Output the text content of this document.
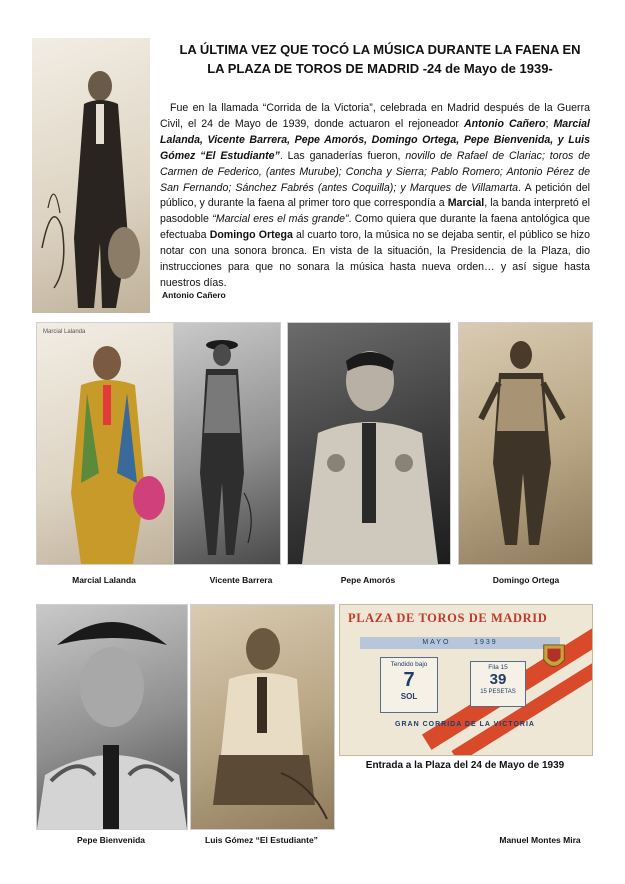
LA ÚLTIMA VEZ QUE TOCÓ LA MÚSICA DURANTE LA FAENA EN
LA PLAZA DE TOROS DE MADRID -24 de Mayo de 1939-
Fue en la llamada “Corrida de la Victoria”, celebrada en Madrid después de la Guerra Civil, el 24 de Mayo de 1939, donde actuaron el rejoneador Antonio Cañero; Marcial Lalanda, Vicente Barrera, Pepe Amorós, Domingo Ortega, Pepe Bienvenida, y Luis Gómez “El Estudiante”. Las ganaderías fueron, novillo de Rafael de Clariac; toros de Carmen de Federico, (antes Murube); Concha y Sierra; Pablo Romero; Antonio Pérez de San Fernando; Sánchez Fabrés (antes Coquilla); y Marques de Villamarta. A petición del público, y durante la faena al primer toro que correspondía a Marcial, la banda interpretó el pasodoble “Marcial eres el más grande”. Como quiera que durante la faena antológica que efectuaba Domingo Ortega al cuarto toro, la música no se dejaba sentir, el público se hizo notar con una sonora bronca. En vista de la situación, la Presidencia de la Plaza, dio instrucciones para que no sonara la música hasta nueva orden… y así sigue hasta nuestros días.
Antonio Cañero
Marcial Lalanda
Marcial Lalanda	Vicente Barrera	Pepe Amorós	Domingo Ortega
PLAZA DE TOROS DE MADRID
MAYO	1939
Tendido bajo
7
SOL
Fila 15
39
15 PESETAS
GRAN CORRIDA DE LA VICTORIA
Pepe Bienvenida	Luis Gómez “El Estudiante”
Entrada a la Plaza del 24 de Mayo de 1939
Manuel Montes Mira
